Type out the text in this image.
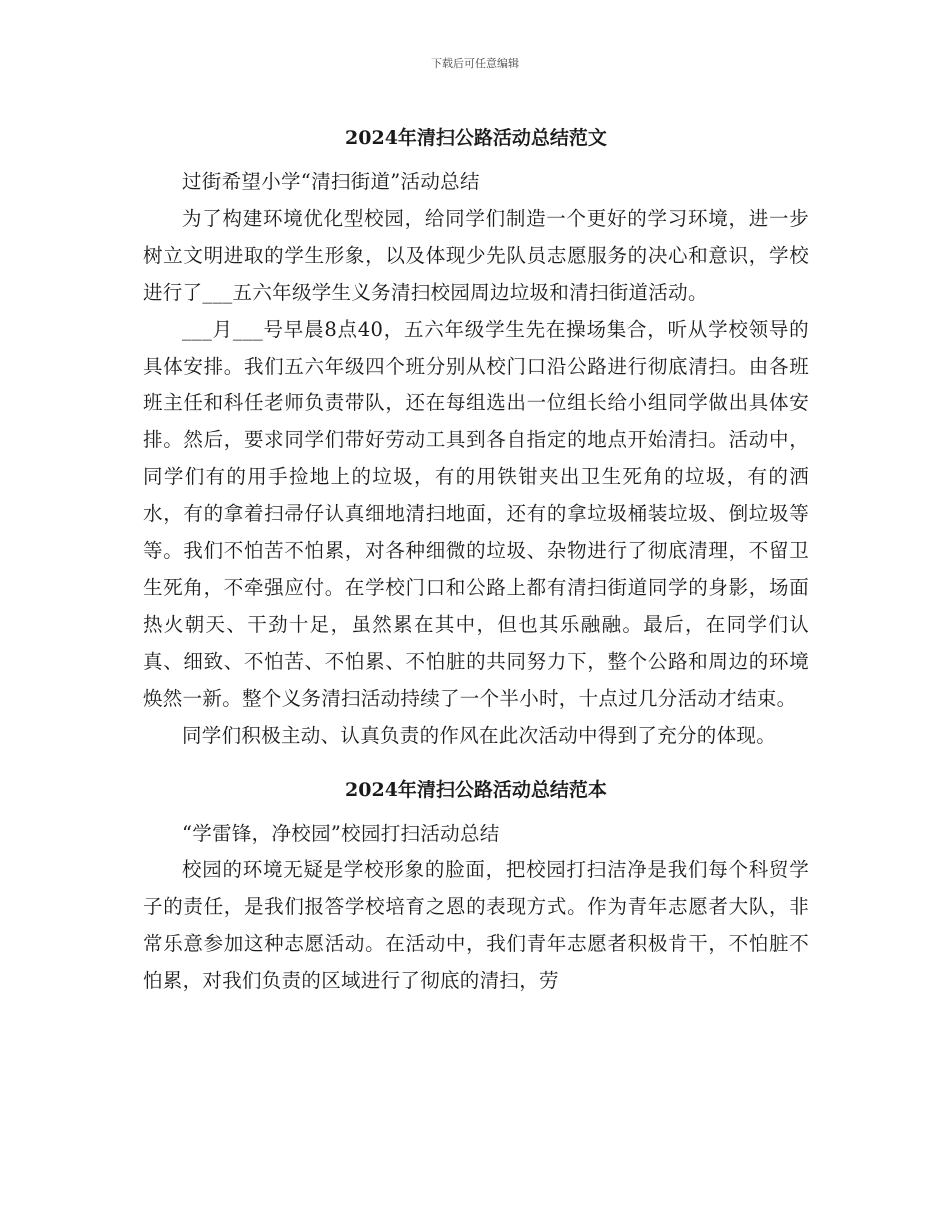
下载后可任意编辑
2024年清扫公路活动总结范文

过街希望小学“清扫街道”活动总结

为了构建环境优化型校园，给同学们制造一个更好的学习环境，进一步树立文明进取的学生形象，以及体现少先队员志愿服务的决心和意识，学校进行了___五六年级学生义务清扫校园周边垃圾和清扫街道活动。

___月___号早晨8点40，五六年级学生先在操场集合，听从学校领导的具体安排。我们五六年级四个班分别从校门口沿公路进行彻底清扫。由各班班主任和科任老师负责带队，还在每组选出一位组长给小组同学做出具体安排。然后，要求同学们带好劳动工具到各自指定的地点开始清扫。活动中，同学们有的用手捡地上的垃圾，有的用铁钳夹出卫生死角的垃圾，有的洒水，有的拿着扫帚仔认真细地清扫地面，还有的拿垃圾桶装垃圾、倒垃圾等等。我们不怕苦不怕累，对各种细微的垃圾、杂物进行了彻底清理，不留卫生死角，不牵强应付。在学校门口和公路上都有清扫街道同学的身影，场面热火朝天、干劲十足，虽然累在其中，但也其乐融融。最后，在同学们认真、细致、不怕苦、不怕累、不怕脏的共同努力下，整个公路和周边的环境焕然一新。整个义务清扫活动持续了一个半小时，十点过几分活动才结束。

同学们积极主动、认真负责的作风在此次活动中得到了充分的体现。

2024年清扫公路活动总结范本

“学雷锋，净校园”校园打扫活动总结

校园的环境无疑是学校形象的脸面，把校园打扫洁净是我们每个科贸学子的责任，是我们报答学校培育之恩的表现方式。作为青年志愿者大队，非常乐意参加这种志愿活动。在活动中，我们青年志愿者积极肯干，不怕脏不怕累，对我们负责的区域进行了彻底的清扫，劳
